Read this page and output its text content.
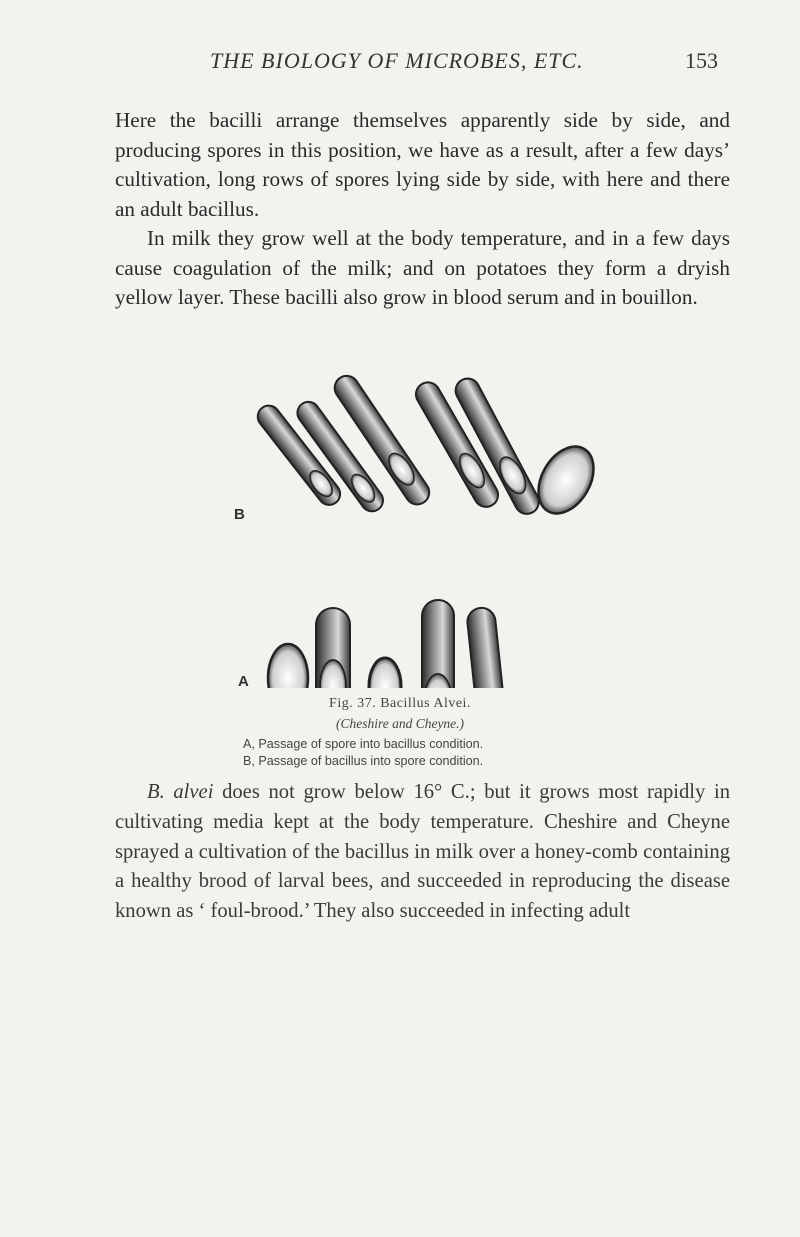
THE BIOLOGY OF MICROBES, ETC.	153

Here the bacilli arrange themselves apparently side by side, and producing spores in this position, we have as a result, after a few days’ cultivation, long rows of spores lying side by side, with here and there an adult bacillus.

In milk they grow well at the body temperature, and in a few days cause coagulation of the milk; and on potatoes they form a dryish yellow layer. These bacilli also grow in blood serum and in bouillon.

B
A
Fig. 37. Bacillus Alvei.
(Cheshire and Cheyne.)
A, Passage of spore into bacillus condition.
B, Passage of bacillus into spore condition.

B. alvei does not grow below 16° C.; but it grows most rapidly in cultivating media kept at the body temperature. Cheshire and Cheyne sprayed a cultivation of the bacillus in milk over a honey-comb containing a healthy brood of larval bees, and succeeded in reproducing the disease known as ‘ foul-brood.’ They also succeeded in infecting adult
